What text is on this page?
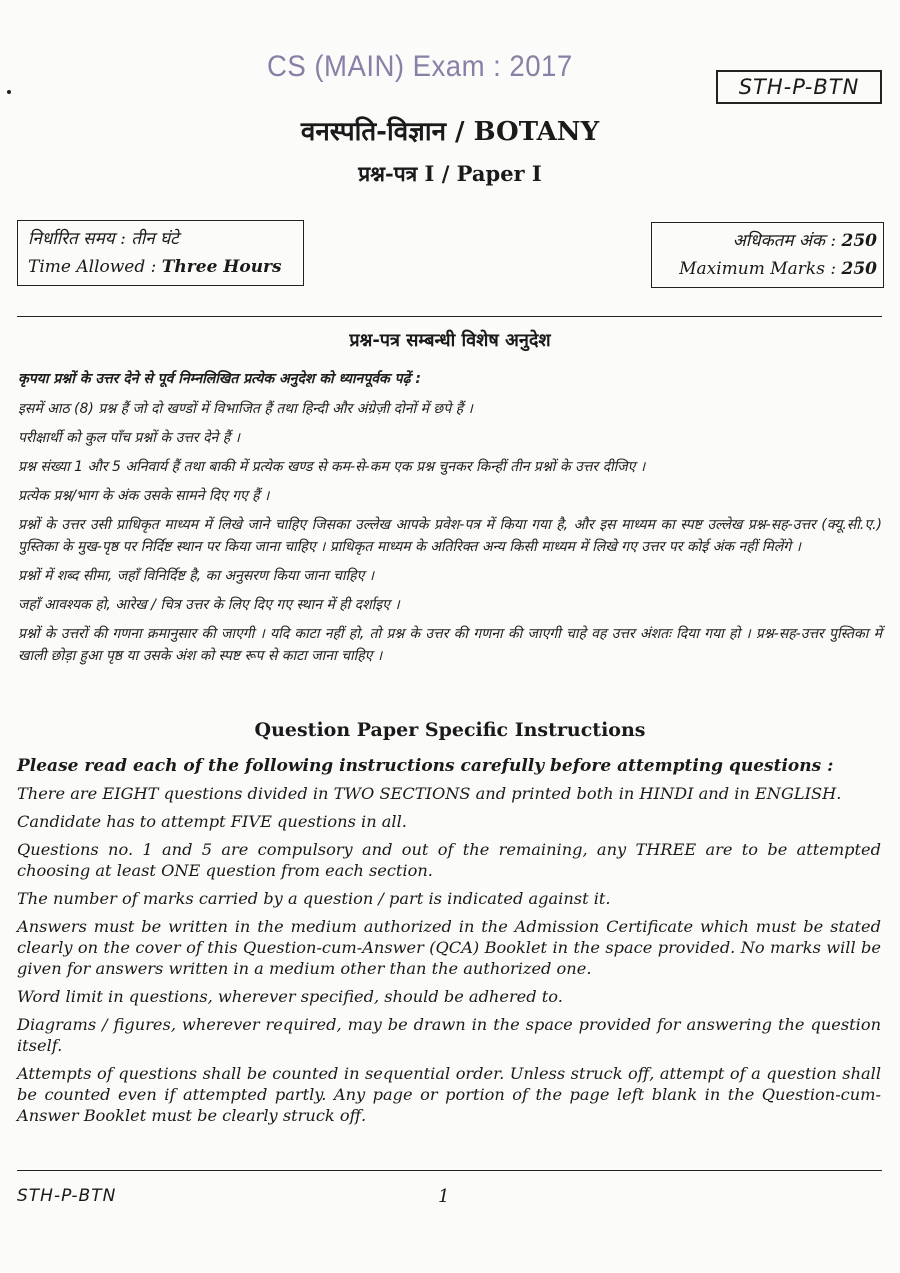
CS (MAIN) Exam : 2017
STH-P-BTN
वनस्पति-विज्ञान / BOTANY
प्रश्न-पत्र I / Paper I
निर्धारित समय : तीन घंटे
Time Allowed : Three Hours
अधिकतम अंक : 250
Maximum Marks : 250
प्रश्न-पत्र सम्बन्धी विशेष अनुदेश

कृपया प्रश्नों के उत्तर देने से पूर्व निम्नलिखित प्रत्येक अनुदेश को ध्यानपूर्वक पढ़ें :

इसमें आठ (8) प्रश्न हैं जो दो खण्डों में विभाजित हैं तथा हिन्दी और अंग्रेज़ी दोनों में छपे हैं ।

परीक्षार्थी को कुल पाँच प्रश्नों के उत्तर देने हैं ।

प्रश्न संख्या 1 और 5 अनिवार्य हैं तथा बाकी में प्रत्येक खण्ड से कम-से-कम एक प्रश्न चुनकर किन्हीं तीन प्रश्नों के उत्तर दीजिए ।

प्रत्येक प्रश्न/भाग के अंक उसके सामने दिए गए हैं ।

प्रश्नों के उत्तर उसी प्राधिकृत माध्यम में लिखे जाने चाहिए जिसका उल्लेख आपके प्रवेश-पत्र में किया गया है, और इस माध्यम का स्पष्ट उल्लेख प्रश्न-सह-उत्तर (क्यू.सी.ए.) पुस्तिका के मुख-पृष्ठ पर निर्दिष्ट स्थान पर किया जाना चाहिए । प्राधिकृत माध्यम के अतिरिक्त अन्य किसी माध्यम में लिखे गए उत्तर पर कोई अंक नहीं मिलेंगे ।

प्रश्नों में शब्द सीमा, जहाँ विनिर्दिष्ट है, का अनुसरण किया जाना चाहिए ।

जहाँ आवश्यक हो, आरेख / चित्र उत्तर के लिए दिए गए स्थान में ही दर्शाइए ।

प्रश्नों के उत्तरों की गणना क्रमानुसार की जाएगी । यदि काटा नहीं हो, तो प्रश्न के उत्तर की गणना की जाएगी चाहे वह उत्तर अंशतः दिया गया हो । प्रश्न-सह-उत्तर पुस्तिका में खाली छोड़ा हुआ पृष्ठ या उसके अंश को स्पष्ट रूप से काटा जाना चाहिए ।

Question Paper Specific Instructions

Please read each of the following instructions carefully before attempting questions :

There are EIGHT questions divided in TWO SECTIONS and printed both in HINDI and in ENGLISH.

Candidate has to attempt FIVE questions in all.

Questions no. 1 and 5 are compulsory and out of the remaining, any THREE are to be attempted choosing at least ONE question from each section.

The number of marks carried by a question / part is indicated against it.

Answers must be written in the medium authorized in the Admission Certificate which must be stated clearly on the cover of this Question-cum-Answer (QCA) Booklet in the space provided. No marks will be given for answers written in a medium other than the authorized one.

Word limit in questions, wherever specified, should be adhered to.

Diagrams / figures, wherever required, may be drawn in the space provided for answering the question itself.

Attempts of questions shall be counted in sequential order. Unless struck off, attempt of a question shall be counted even if attempted partly. Any page or portion of the page left blank in the Question-cum-Answer Booklet must be clearly struck off.

STH-P-BTN	1
